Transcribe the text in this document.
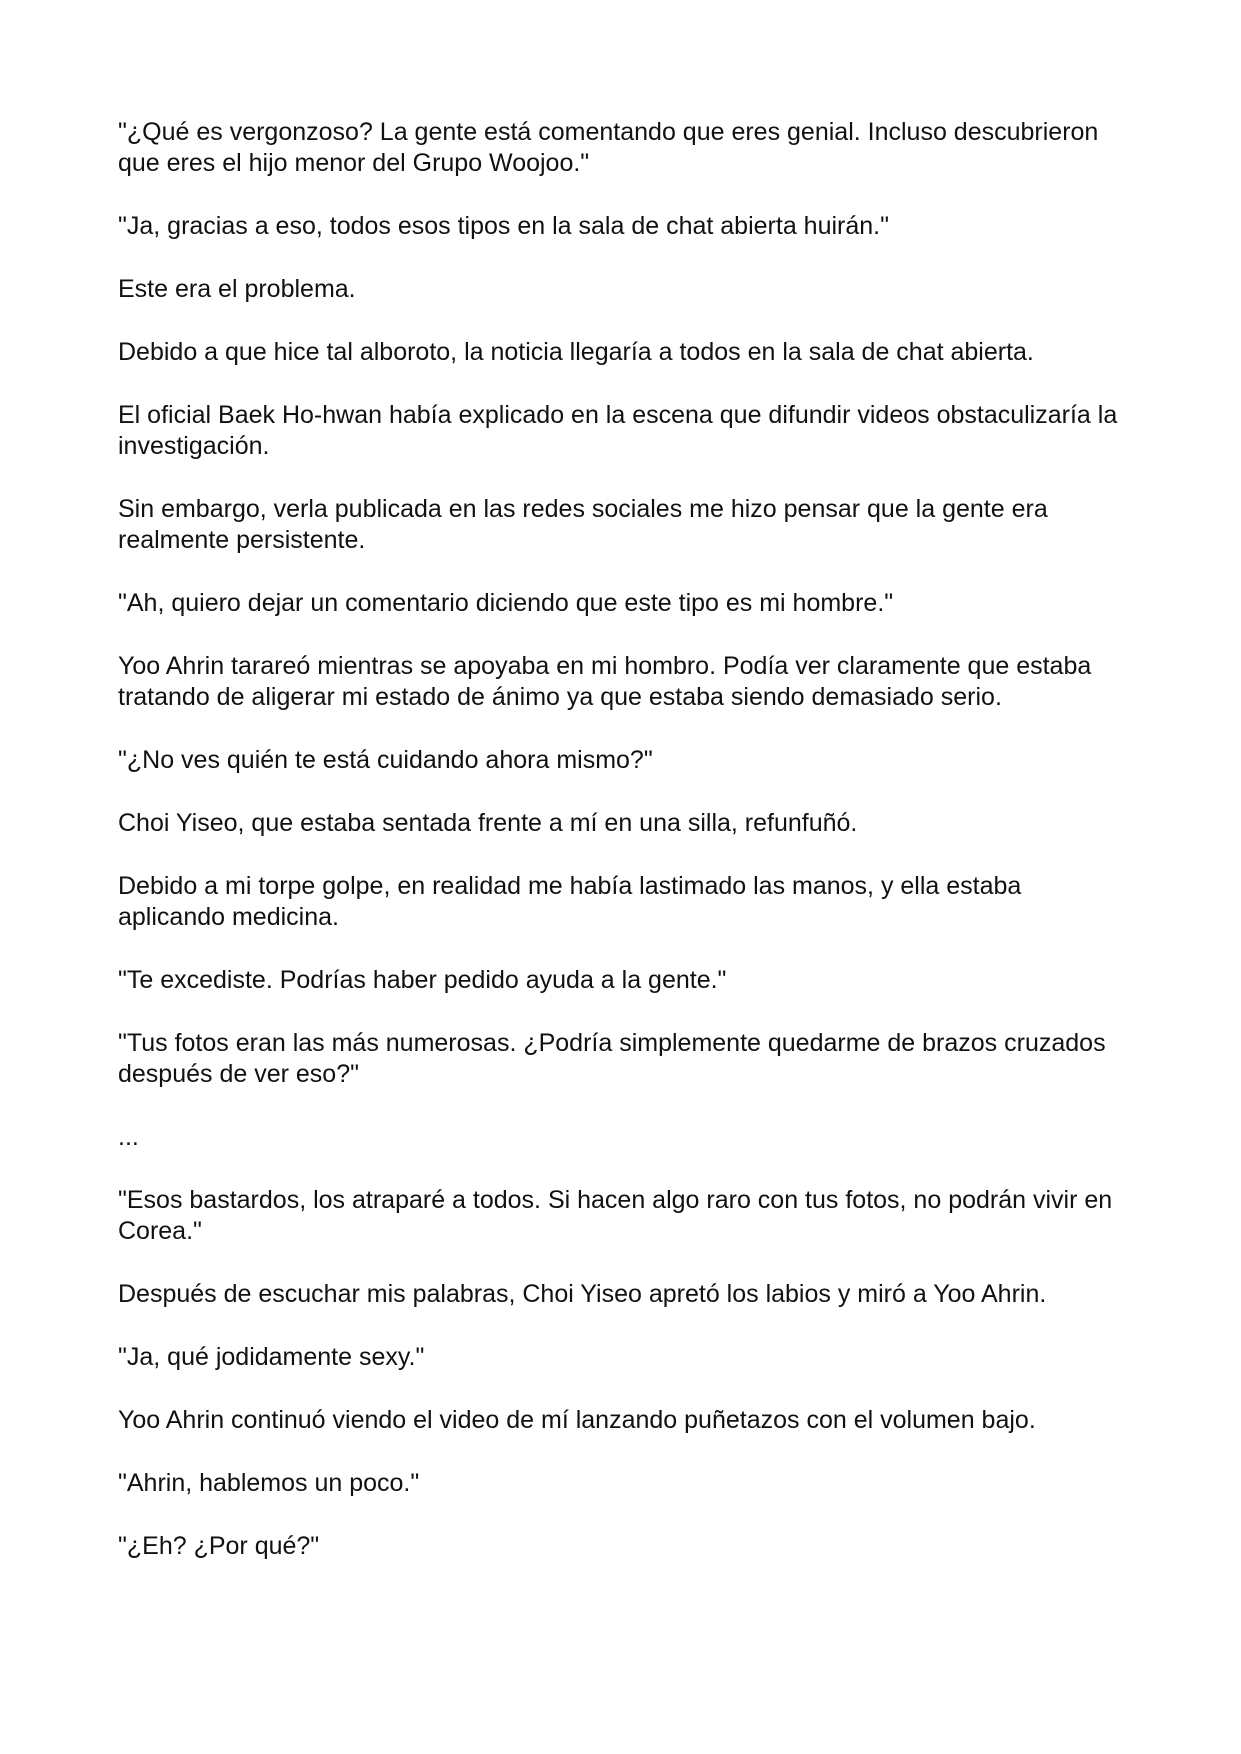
"¿Qué es vergonzoso? La gente está comentando que eres genial. Incluso descubrieron que eres el hijo menor del Grupo Woojoo."

"Ja, gracias a eso, todos esos tipos en la sala de chat abierta huirán."

Este era el problema.

Debido a que hice tal alboroto, la noticia llegaría a todos en la sala de chat abierta.

El oficial Baek Ho-hwan había explicado en la escena que difundir videos obstaculizaría la investigación.

Sin embargo, verla publicada en las redes sociales me hizo pensar que la gente era realmente persistente.

"Ah, quiero dejar un comentario diciendo que este tipo es mi hombre."

Yoo Ahrin tarareó mientras se apoyaba en mi hombro. Podía ver claramente que estaba tratando de aligerar mi estado de ánimo ya que estaba siendo demasiado serio.

"¿No ves quién te está cuidando ahora mismo?"

Choi Yiseo, que estaba sentada frente a mí en una silla, refunfuñó.

Debido a mi torpe golpe, en realidad me había lastimado las manos, y ella estaba aplicando medicina.

"Te excediste. Podrías haber pedido ayuda a la gente."

"Tus fotos eran las más numerosas. ¿Podría simplemente quedarme de brazos cruzados después de ver eso?"

...

"Esos bastardos, los atraparé a todos. Si hacen algo raro con tus fotos, no podrán vivir en Corea."

Después de escuchar mis palabras, Choi Yiseo apretó los labios y miró a Yoo Ahrin.

"Ja, qué jodidamente sexy."

Yoo Ahrin continuó viendo el video de mí lanzando puñetazos con el volumen bajo.

"Ahrin, hablemos un poco."

"¿Eh? ¿Por qué?"
